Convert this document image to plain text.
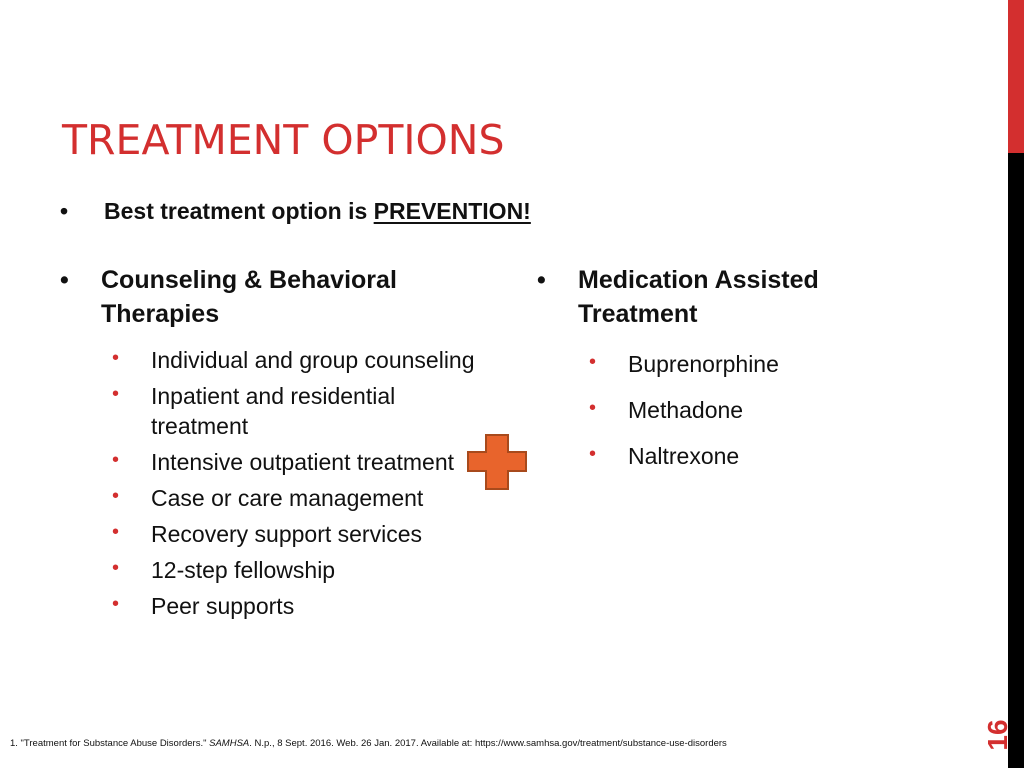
TREATMENT OPTIONS
• Best treatment option is PREVENTION!
• Counseling & Behavioral Therapies
• Individual and group counseling
• Inpatient and residential treatment
• Intensive outpatient treatment
• Case or care management
• Recovery support services
• 12-step fellowship
• Peer supports
• Medication Assisted Treatment
• Buprenorphine
• Methadone
• Naltrexone
1. "Treatment for Substance Abuse Disorders." SAMHSA. N.p., 8 Sept. 2016. Web. 26 Jan. 2017. Available at: https://www.samhsa.gov/treatment/substance-use-disorders	16
